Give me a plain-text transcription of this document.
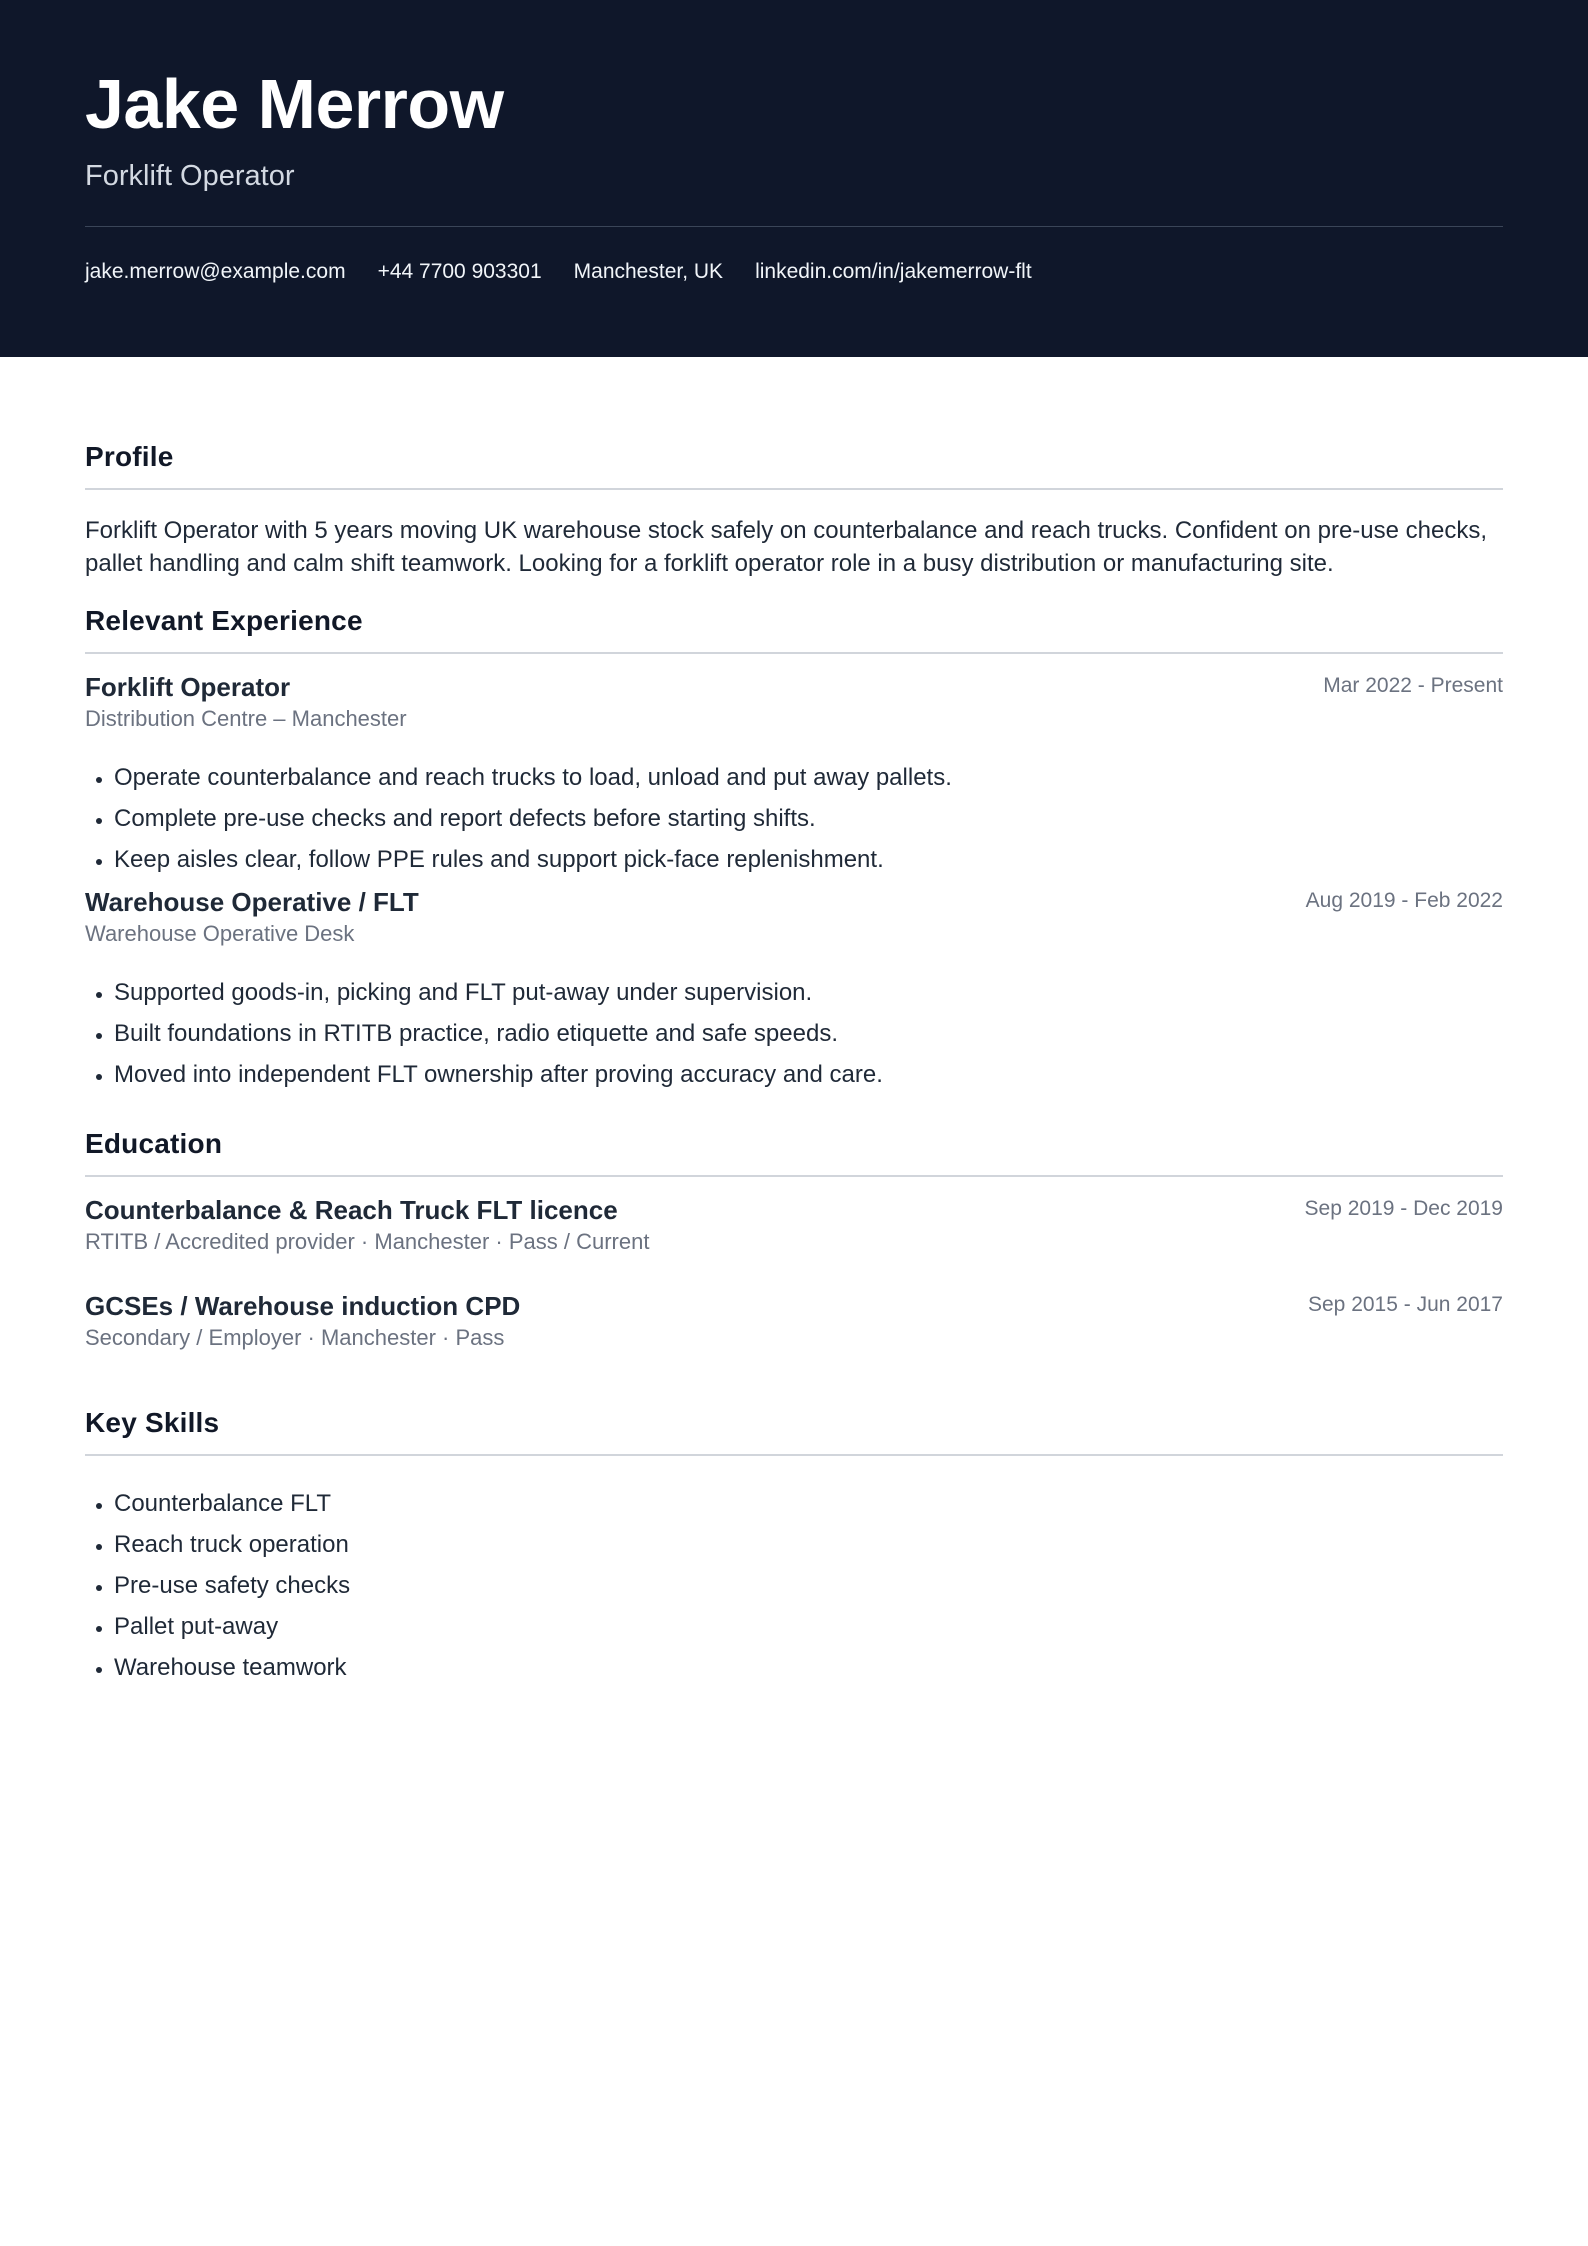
Jake Merrow
Forklift Operator
jake.merrow@example.com +44 7700 903301 Manchester, UK linkedin.com/in/jakemerrow-flt
Profile

Forklift Operator with 5 years moving UK warehouse stock safely on counterbalance and reach trucks. Confident on pre-use checks, pallet handling and calm shift teamwork. Looking for a forklift operator role in a busy distribution or manufacturing site.

Relevant Experience
Forklift Operator	Mar 2022 - Present
Distribution Centre – Manchester
• Operate counterbalance and reach trucks to load, unload and put away pallets.
• Complete pre-use checks and report defects before starting shifts.
• Keep aisles clear, follow PPE rules and support pick-face replenishment.
Warehouse Operative / FLT	Aug 2019 - Feb 2022
Warehouse Operative Desk
• Supported goods-in, picking and FLT put-away under supervision.
• Built foundations in RTITB practice, radio etiquette and safe speeds.
• Moved into independent FLT ownership after proving accuracy and care.
Education
Counterbalance & Reach Truck FLT licence	Sep 2019 - Dec 2019
RTITB / Accredited provider · Manchester · Pass / Current
GCSEs / Warehouse induction CPD	Sep 2015 - Jun 2017
Secondary / Employer · Manchester · Pass
Key Skills
• Counterbalance FLT
• Reach truck operation
• Pre-use safety checks
• Pallet put-away
• Warehouse teamwork
